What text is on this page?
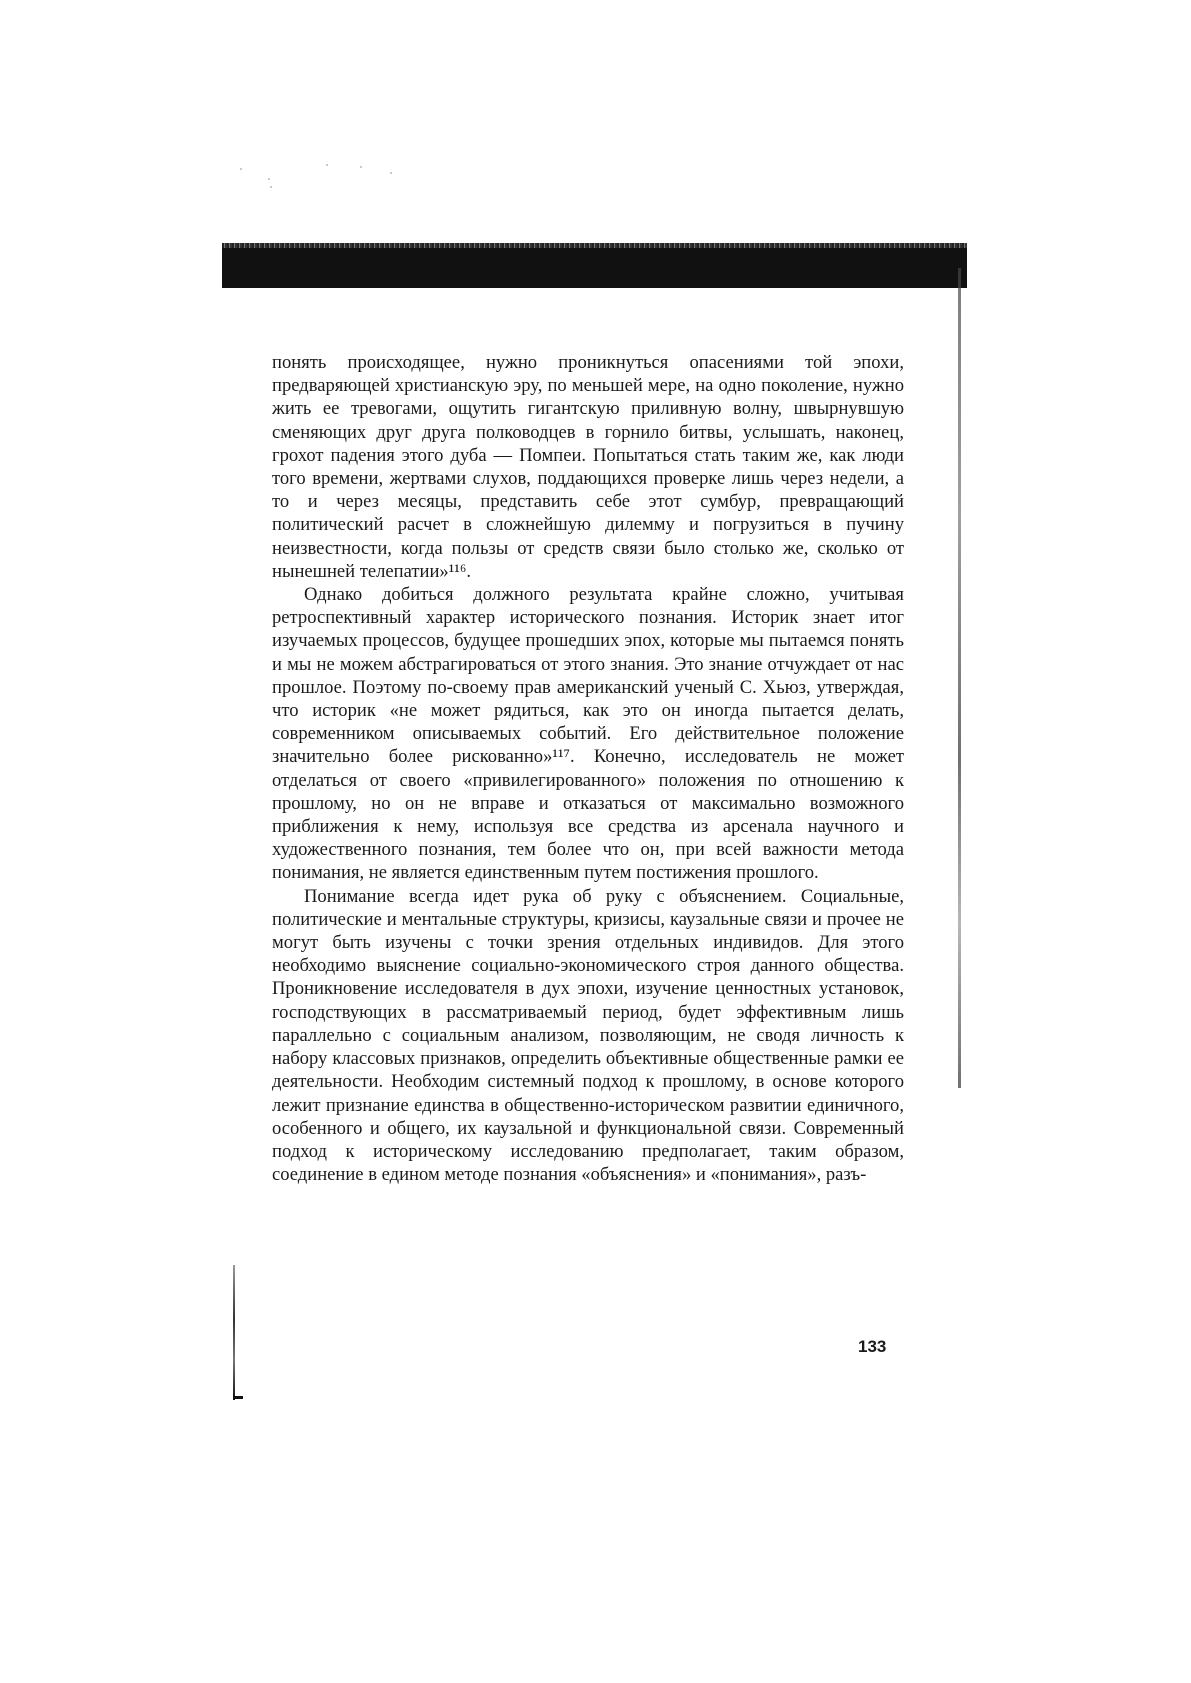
понять происходящее, нужно проникнуться опасениями той эпохи, предваряющей христианскую эру, по меньшей мере, на одно поколение, нужно жить ее тревогами, ощутить гигантскую приливную волну, швырнувшую сменяющих друг друга полководцев в горнило битвы, услышать, наконец, грохот падения этого дуба — Помпеи. Попытаться стать таким же, как люди того времени, жертвами слухов, поддающихся проверке лишь через недели, а то и через месяцы, представить себе этот сумбур, превращающий политический расчет в сложнейшую дилемму и погрузиться в пучину неизвестности, когда пользы от средств связи было столько же, сколько от нынешней телепатии»¹¹⁶.

Однако добиться должного результата крайне сложно, учитывая ретроспективный характер исторического познания. Историк знает итог изучаемых процессов, будущее прошедших эпох, которые мы пытаемся понять и мы не можем абстрагироваться от этого знания. Это знание отчуждает от нас прошлое. Поэтому по-своему прав американский ученый С. Хьюз, утверждая, что историк «не может рядиться, как это он иногда пытается делать, современником описываемых событий. Его действительное положение значительно более рискованно»¹¹⁷. Конечно, исследователь не может отделаться от своего «привилегированного» положения по отношению к прошлому, но он не вправе и отказаться от максимально возможного приближения к нему, используя все средства из арсенала научного и художественного познания, тем более что он, при всей важности метода понимания, не является единственным путем постижения прошлого.

Понимание всегда идет рука об руку с объяснением. Социальные, политические и ментальные структуры, кризисы, каузальные связи и прочее не могут быть изучены с точки зрения отдельных индивидов. Для этого необходимо выяснение социально-экономического строя данного общества. Проникновение исследователя в дух эпохи, изучение ценностных установок, господствующих в рассматриваемый период, будет эффективным лишь параллельно с социальным анализом, позволяющим, не сводя личность к набору классовых признаков, определить объективные общественные рамки ее деятельности. Необходим системный подход к прошлому, в основе которого лежит признание единства в общественно-историческом развитии единичного, особенного и общего, их каузальной и функциональной связи. Современный подход к историческому исследованию предполагает, таким образом, соединение в едином методе познания «объяснения» и «понимания», разъ-

133
